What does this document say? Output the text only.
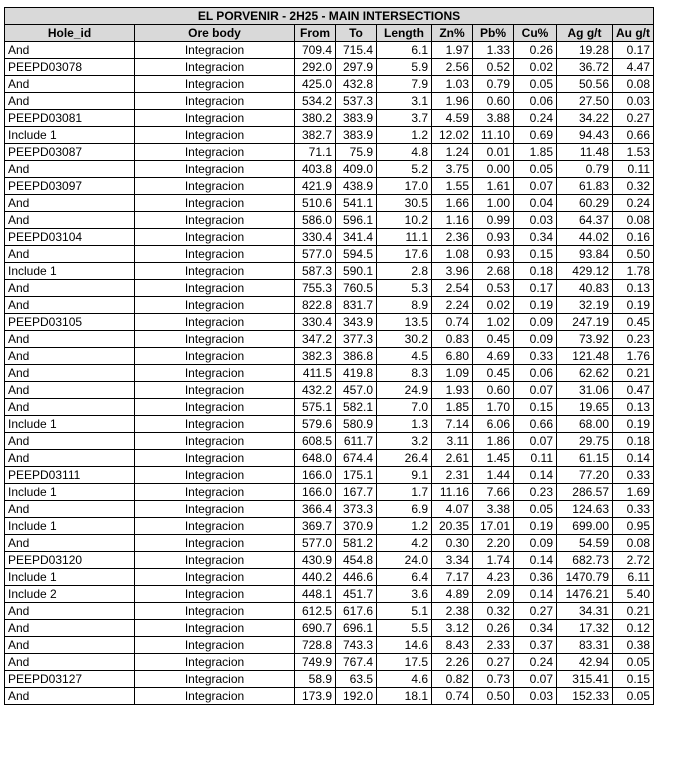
EL PORVENIR - 2H25 - MAIN INTERSECTIONS									
Hole_id	Ore body	From	To	Length	Zn%	Pb%	Cu%	Ag g/t	Au g/t
And	Integracion	709.4	715.4	6.1	1.97	1.33	0.26	19.28	0.17
PEEPD03078	Integracion	292.0	297.9	5.9	2.56	0.52	0.02	36.72	4.47
And	Integracion	425.0	432.8	7.9	1.03	0.79	0.05	50.56	0.08
And	Integracion	534.2	537.3	3.1	1.96	0.60	0.06	27.50	0.03
PEEPD03081	Integracion	380.2	383.9	3.7	4.59	3.88	0.24	34.22	0.27
Include 1	Integracion	382.7	383.9	1.2	12.02	11.10	0.69	94.43	0.66
PEEPD03087	Integracion	71.1	75.9	4.8	1.24	0.01	1.85	11.48	1.53
And	Integracion	403.8	409.0	5.2	3.75	0.00	0.05	0.79	0.11
PEEPD03097	Integracion	421.9	438.9	17.0	1.55	1.61	0.07	61.83	0.32
And	Integracion	510.6	541.1	30.5	1.66	1.00	0.04	60.29	0.24
And	Integracion	586.0	596.1	10.2	1.16	0.99	0.03	64.37	0.08
PEEPD03104	Integracion	330.4	341.4	11.1	2.36	0.93	0.34	44.02	0.16
And	Integracion	577.0	594.5	17.6	1.08	0.93	0.15	93.84	0.50
Include 1	Integracion	587.3	590.1	2.8	3.96	2.68	0.18	429.12	1.78
And	Integracion	755.3	760.5	5.3	2.54	0.53	0.17	40.83	0.13
And	Integracion	822.8	831.7	8.9	2.24	0.02	0.19	32.19	0.19
PEEPD03105	Integracion	330.4	343.9	13.5	0.74	1.02	0.09	247.19	0.45
And	Integracion	347.2	377.3	30.2	0.83	0.45	0.09	73.92	0.23
And	Integracion	382.3	386.8	4.5	6.80	4.69	0.33	121.48	1.76
And	Integracion	411.5	419.8	8.3	1.09	0.45	0.06	62.62	0.21
And	Integracion	432.2	457.0	24.9	1.93	0.60	0.07	31.06	0.47
And	Integracion	575.1	582.1	7.0	1.85	1.70	0.15	19.65	0.13
Include 1	Integracion	579.6	580.9	1.3	7.14	6.06	0.66	68.00	0.19
And	Integracion	608.5	611.7	3.2	3.11	1.86	0.07	29.75	0.18
And	Integracion	648.0	674.4	26.4	2.61	1.45	0.11	61.15	0.14
PEEPD03111	Integracion	166.0	175.1	9.1	2.31	1.44	0.14	77.20	0.33
Include 1	Integracion	166.0	167.7	1.7	11.16	7.66	0.23	286.57	1.69
And	Integracion	366.4	373.3	6.9	4.07	3.38	0.05	124.63	0.33
Include 1	Integracion	369.7	370.9	1.2	20.35	17.01	0.19	699.00	0.95
And	Integracion	577.0	581.2	4.2	0.30	2.20	0.09	54.59	0.08
PEEPD03120	Integracion	430.9	454.8	24.0	3.34	1.74	0.14	682.73	2.72
Include 1	Integracion	440.2	446.6	6.4	7.17	4.23	0.36	1470.79	6.11
Include 2	Integracion	448.1	451.7	3.6	4.89	2.09	0.14	1476.21	5.40
And	Integracion	612.5	617.6	5.1	2.38	0.32	0.27	34.31	0.21
And	Integracion	690.7	696.1	5.5	3.12	0.26	0.34	17.32	0.12
And	Integracion	728.8	743.3	14.6	8.43	2.33	0.37	83.31	0.38
And	Integracion	749.9	767.4	17.5	2.26	0.27	0.24	42.94	0.05
PEEPD03127	Integracion	58.9	63.5	4.6	0.82	0.73	0.07	315.41	0.15
And	Integracion	173.9	192.0	18.1	0.74	0.50	0.03	152.33	0.05
